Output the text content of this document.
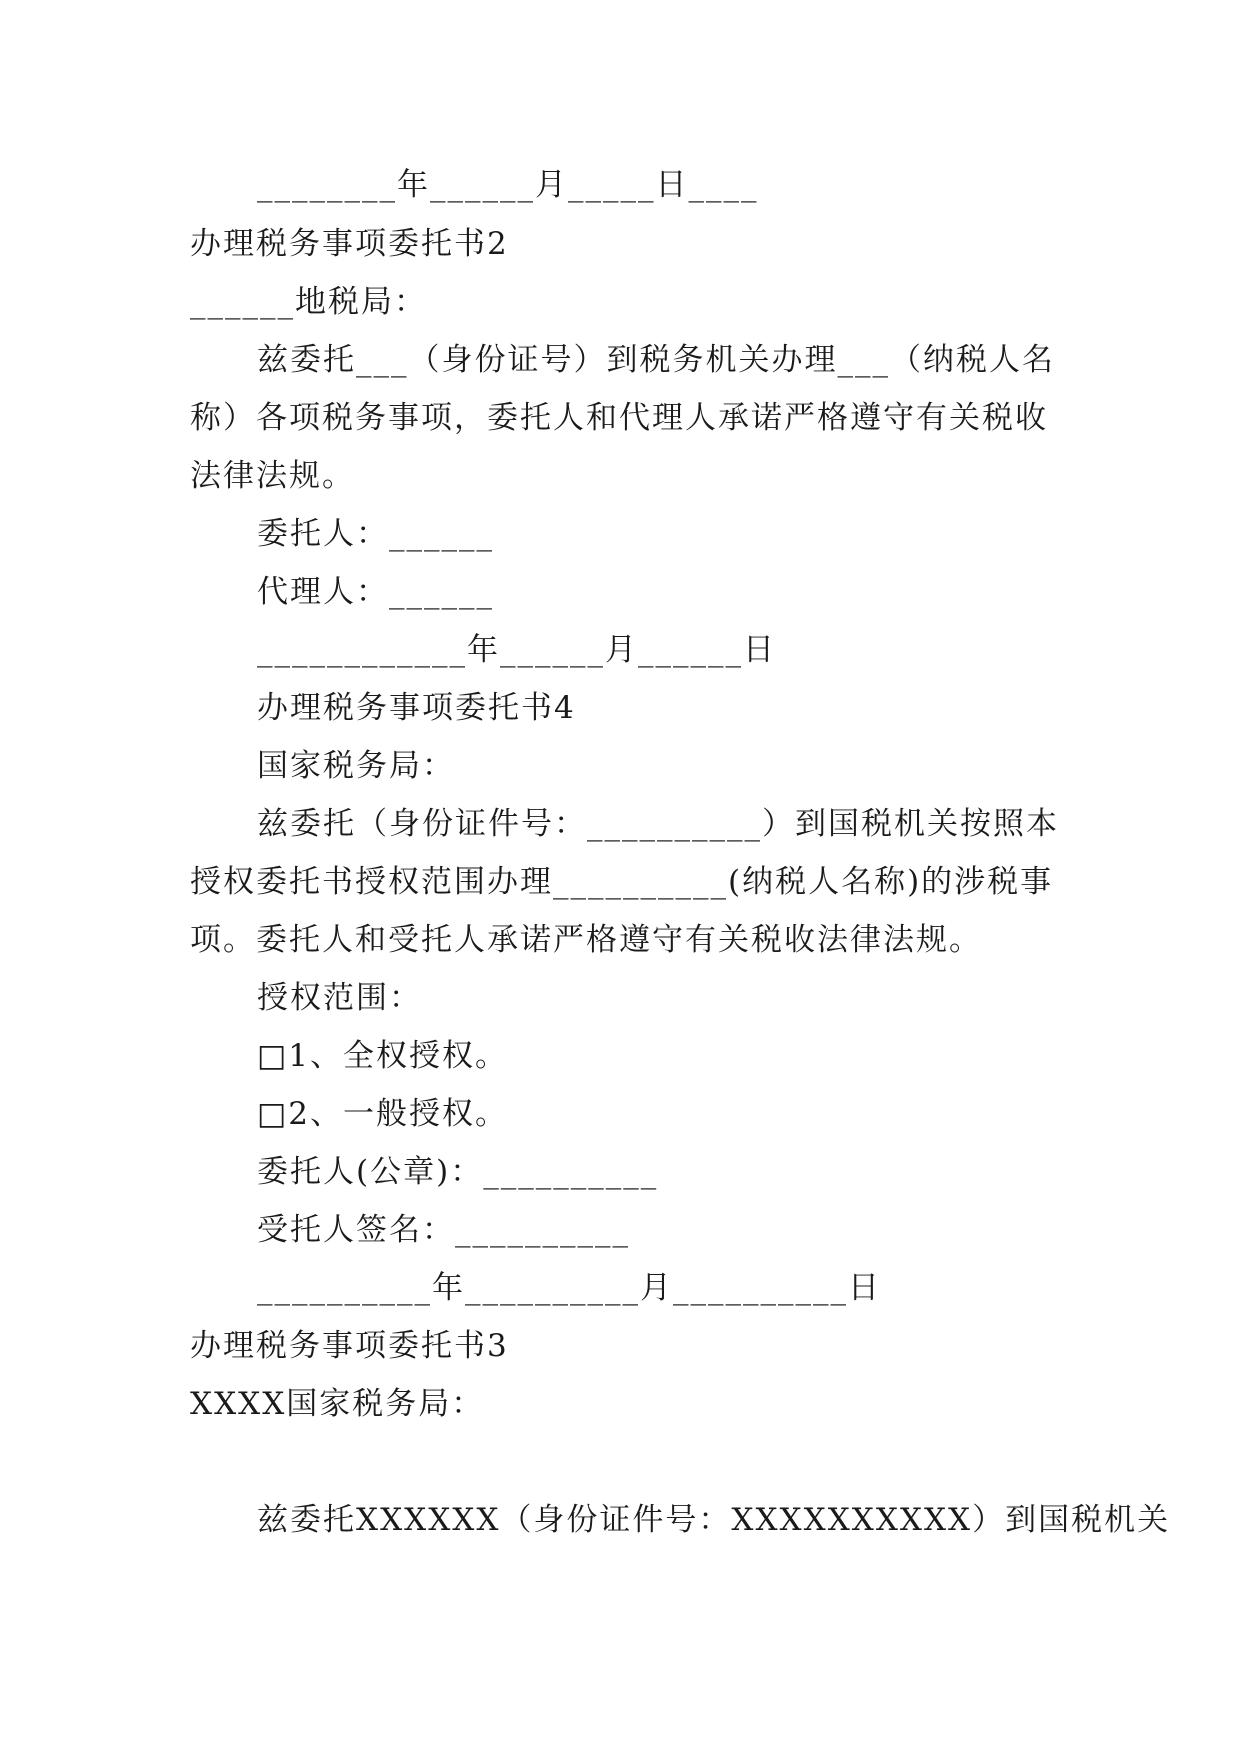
________年______月_____日____
办理税务事项委托书2
______地税局：
兹委托___（身份证号）到税务机关办理___（纳税人名
称）各项税务事项，委托人和代理人承诺严格遵守有关税收
法律法规。
委托人：______
代理人：______
____________年______月______日
办理税务事项委托书4
国家税务局：
兹委托（身份证件号：__________）到国税机关按照本
授权委托书授权范围办理__________(纳税人名称)的涉税事
项。委托人和受托人承诺严格遵守有关税收法律法规。
授权范围：
□1、全权授权。
□2、一般授权。
委托人(公章)：__________
受托人签名：__________
__________年__________月__________日
办理税务事项委托书3
XXXX国家税务局：
兹委托XXXXXX（身份证件号：XXXXXXXXXX）到国税机关
